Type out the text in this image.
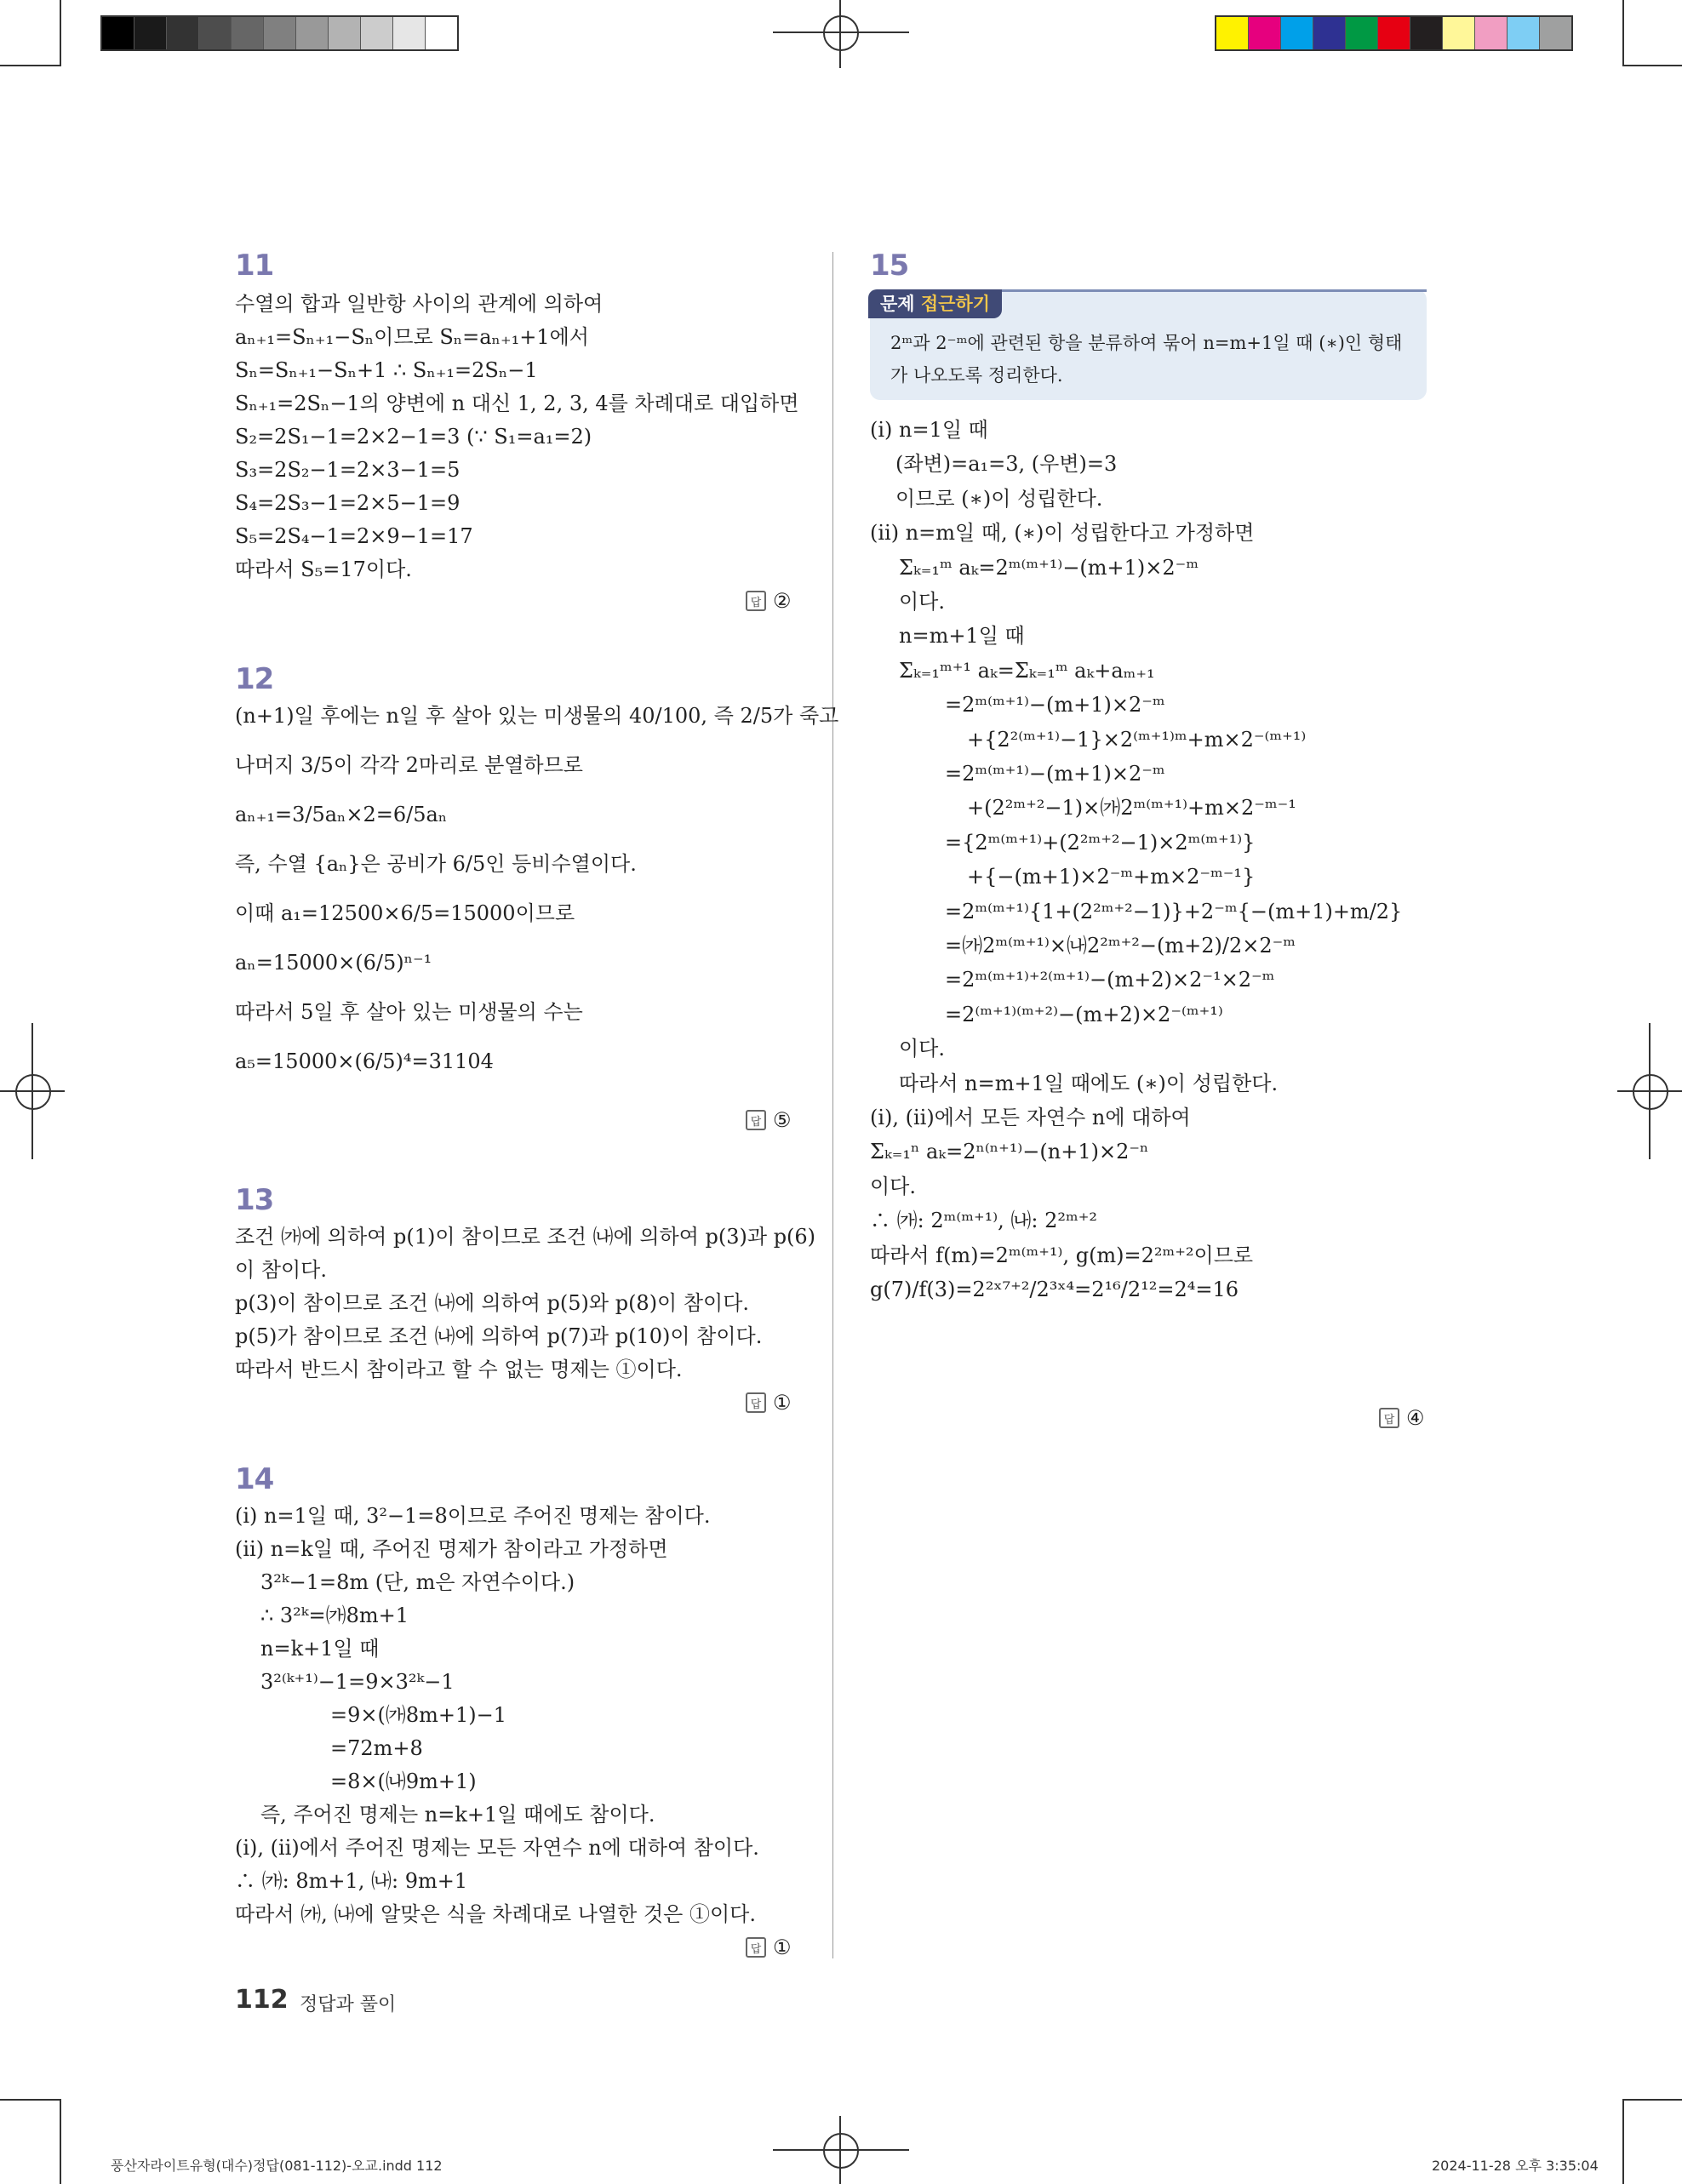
11
수열의 합과 일반항 사이의 관계에 의하여
aₙ₊₁=Sₙ₊₁−Sₙ이므로 Sₙ=aₙ₊₁+1에서
Sₙ=Sₙ₊₁−Sₙ+1 ∴ Sₙ₊₁=2Sₙ−1
Sₙ₊₁=2Sₙ−1의 양변에 n 대신 1, 2, 3, 4를 차례대로 대입하면
S₂=2S₁−1=2×2−1=3 (∵ S₁=a₁=2)
S₃=2S₂−1=2×3−1=5
S₄=2S₃−1=2×5−1=9
S₅=2S₄−1=2×9−1=17
따라서 S₅=17이다.
답 ②
12
(n+1)일 후에는 n일 후 살아 있는 미생물의 40/100, 즉 2/5가 죽고
나머지 3/5이 각각 2마리로 분열하므로
aₙ₊₁=3/5aₙ×2=6/5aₙ
즉, 수열 {aₙ}은 공비가 6/5인 등비수열이다.
이때 a₁=12500×6/5=15000이므로
aₙ=15000×(6/5)ⁿ⁻¹
따라서 5일 후 살아 있는 미생물의 수는
a₅=15000×(6/5)⁴=31104
답 ⑤
13
조건 ㈎에 의하여 p(1)이 참이므로 조건 ㈏에 의하여 p(3)과 p(6)
이 참이다.
p(3)이 참이므로 조건 ㈏에 의하여 p(5)와 p(8)이 참이다.
p(5)가 참이므로 조건 ㈏에 의하여 p(7)과 p(10)이 참이다.
따라서 반드시 참이라고 할 수 없는 명제는 ①이다.
답 ①
14
(ⅰ) n=1일 때, 3²−1=8이므로 주어진 명제는 참이다.
(ⅱ) n=k일 때, 주어진 명제가 참이라고 가정하면
3²ᵏ−1=8m (단, m은 자연수이다.)
∴ 3²ᵏ=㈎8m+1
n=k+1일 때
3²⁽ᵏ⁺¹⁾−1=9×3²ᵏ−1
=9×(㈎8m+1)−1
=72m+8
=8×(㈏9m+1)
즉, 주어진 명제는 n=k+1일 때에도 참이다.
(ⅰ), (ⅱ)에서 주어진 명제는 모든 자연수 n에 대하여 참이다.
∴ ㈎: 8m+1, ㈏: 9m+1
따라서 ㈎, ㈏에 알맞은 식을 차례대로 나열한 것은 ①이다.
답 ①
15
문제 접근하기
2ᵐ과 2⁻ᵐ에 관련된 항을 분류하여 묶어 n=m+1일 때 (∗)인 형태가 나오도록 정리한다.
(ⅰ) n=1일 때
(좌변)=a₁=3, (우변)=3
이므로 (∗)이 성립한다.
(ⅱ) n=m일 때, (∗)이 성립한다고 가정하면
Σₖ₌₁ᵐ aₖ=2ᵐ⁽ᵐ⁺¹⁾−(m+1)×2⁻ᵐ
이다.
n=m+1일 때
Σₖ₌₁ᵐ⁺¹ aₖ=Σₖ₌₁ᵐ aₖ+aₘ₊₁
=2ᵐ⁽ᵐ⁺¹⁾−(m+1)×2⁻ᵐ
+{2²⁽ᵐ⁺¹⁾−1}×2⁽ᵐ⁺¹⁾ᵐ+m×2⁻⁽ᵐ⁺¹⁾
=2ᵐ⁽ᵐ⁺¹⁾−(m+1)×2⁻ᵐ
+(2²ᵐ⁺²−1)×㈎2ᵐ⁽ᵐ⁺¹⁾+m×2⁻ᵐ⁻¹
={2ᵐ⁽ᵐ⁺¹⁾+(2²ᵐ⁺²−1)×2ᵐ⁽ᵐ⁺¹⁾}
+{−(m+1)×2⁻ᵐ+m×2⁻ᵐ⁻¹}
=2ᵐ⁽ᵐ⁺¹⁾{1+(2²ᵐ⁺²−1)}+2⁻ᵐ{−(m+1)+m/2}
=㈎2ᵐ⁽ᵐ⁺¹⁾×㈏2²ᵐ⁺²−(m+2)/2×2⁻ᵐ
=2ᵐ⁽ᵐ⁺¹⁾⁺²⁽ᵐ⁺¹⁾−(m+2)×2⁻¹×2⁻ᵐ
=2⁽ᵐ⁺¹⁾⁽ᵐ⁺²⁾−(m+2)×2⁻⁽ᵐ⁺¹⁾
이다.
따라서 n=m+1일 때에도 (∗)이 성립한다.
(ⅰ), (ⅱ)에서 모든 자연수 n에 대하여
Σₖ₌₁ⁿ aₖ=2ⁿ⁽ⁿ⁺¹⁾−(n+1)×2⁻ⁿ
이다.
∴ ㈎: 2ᵐ⁽ᵐ⁺¹⁾, ㈏: 2²ᵐ⁺²
따라서 f(m)=2ᵐ⁽ᵐ⁺¹⁾, g(m)=2²ᵐ⁺²이므로
g(7)/f(3)=2²ˣ⁷⁺²/2³ˣ⁴=2¹⁶/2¹²=2⁴=16
답 ④
112 정답과 풀이
풍산자라이트유형(대수)정답(081-112)-오교.indd 112	2024-11-28 오후 3:35:04
